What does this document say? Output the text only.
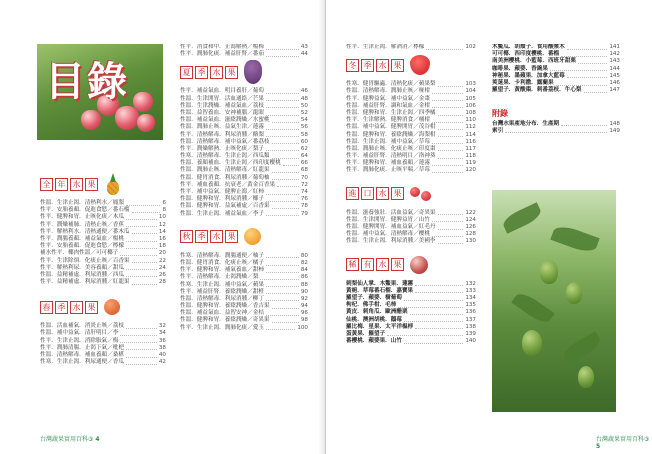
目錄
全 年 水 果
性溫．生津止渴．清熱利水／鳳梨	6
性平．安胎養顏．促進食慾／番石榴	8
性平．健脾和胃．止咳化痰／木瓜	10
性平．潤燥補肺．清熱止咳／香蕉	12
性平．解熱利水．清熱通便／番木瓜	14
性平．潤腸養顏．補益氣血／楊桃	16
性平．安胎養顏．促進食慾／檸檬	18
補水性平．椰肉性溫／可可椰子	20
性平．生津除煩．化痰止咳／百香果	22
性平．解熱利尿．美容養顏／甜瓜	24
性溫．益精補虛．利尿消腫／西瓜	26
性平．益精補虛．利尿消腫／紅龍果	28
春 季 水 果
性溫．活血補氣．消炎止咳／荔枝	32
性溫．補中益氣．清肝明目／李	34
性平．生津止渴．消除脹氣／梅	36
性平．潤肺清腸．止渴下氣／枇杷	38
性溫．清熱解毒．補血養顏／桑椹	40
性寒．生津止渴．利尿通便／香瓜	42
性平．消食和中．止瀉解熱／楊梅	43
性平．潤肺化痰．補益肝腎／番茄	44
夏 季 水 果
性平．補益氣血．明目養肝／葡萄	46
性溫．生津開胃．活血通絡／芒果	48
性溫．生津潤燥．補益氣血／荔枝	50
性溫．益智養血．安神補腦／龍眼	52
性溫．補益氣血．滋陰潤燥／水蜜桃	54
性溫．潤肺止咳．益氣生津／蓮霧	56
性平．清熱解毒．利尿消腫／酪梨	58
性溫．清熱解毒．補中益氣／番荔枝	60
性平．潤燥解熱．止咳化痰／梨子	62
性寒．清熱解毒．生津止渴／西瓜類	64
性溫．養顏補血．生津止渴／西印度櫻桃	66
性溫．潤肺止咳．清熱解毒／紅龍果	68
性溫．健胃消食．利尿消腫／葡萄柚	70
性平．補血養顏．抗衰老／黃金百香果	72
性平．補中益氣．健脾止瀉／紅柿	74
性溫．健脾和胃．利尿消腫／椰子	76
性溫．健脾和胃．益氣補虛／百香果	78
性溫．生津止渴．補益氣血／李子	79
秋 季 水 果
性寒．清熱解毒．潤腸通便／柚子	80
性溫．健胃消食．化痰止咳／橘子	82
性平．健脾和胃．補氣養血／甜柿	84
性平．清熱解毒．止渴潤燥／梨	86
性寒．生津止渴．補中益氣／蘋果	88
性平．補益肝腎．養陰潤燥／甜橙	90
性溫．清熱解毒．利尿消腫／柳丁	92
性溫．健脾和胃．養陰潤燥／香吉果	94
性溫．補益氣血．益智安神／金桔	96
性溫．健脾和胃．養陰潤燥／奇異果	98
性平．生津止渴．潤肺化痰／愛玉	100
台灣蔬果實用百科③ 4
性平．生津止渴．解酒消／檸檬	102
冬 季 水 果
性寒．健胃驅蟲．清熱化痰／蘋果梨	103
性溫．清熱解毒．潤肺止咳／椪柑	104
性平．健脾益氣．補中益氣／金棗	105
性溫．補益肝腎．調和氣血／金柑	106
性溫．健脾和胃．生津止渴／四季橘	108
性平．生津解熱．健脾消食／桶柑	110
性溫．補中益氣．健脾開胃／茂谷柑	112
性溫．健脾和胃．養陰潤燥／海梨柑	114
性溫．生津止渴．補中益氣／草莓	116
性溫．潤肺止咳．化痰止咳／印度棗	117
性平．補益肝腎．清熱明目／洛神葵	118
性平．健脾和胃．補血養顏／蓮霧	119
性平．潤肺化痰．止咳平喘／草莓	120
進 口 水 果
性溫．滋養強壯．活血益氣／奇異果	122
性溫．生津開胃．健脾益胃／山竹	124
性溫．健脾開胃．補血益氣／紅毛丹	126
性溫．補中益氣．清熱解毒／櫻桃	128
性溫．生津止渴．利尿消腫／美國李	130
稀 有 水 果
刺梨仙人掌．木鱉果．蓮霧	132
黃梔．草莓番石榴．嘉寶果	133
羅望子．蘋婆．樹葡萄	134
枸杞．佛手柑．毛柿	135
黃皮．刺角瓜．歐洲醋栗	136
仙桃．澳洲胡桃．鵝莓	137
羅比梅．星果．太平洋榅桲	138
蛋黃果．羅望子	139
番櫻桃．蘋婆果．山竹	140
木鱉瓜．胡頹子．食用酸漿木	141
可可椰．西印度櫻桃．番榴	142
南美洲櫻桃．小藍莓．西班牙甜栗	143
咖啡果．蘋婆．香豌果	144
神秘果．墨蘋果．加拿大藍莓	145
莢蒾果．卡利撒．露蘭果	146
羅望子．黃酸棗．刺番荔枝．牛心梨	147
附錄
台灣水果產地分布．生產期	148
索引	149
台灣蔬果實用百科③ 5
